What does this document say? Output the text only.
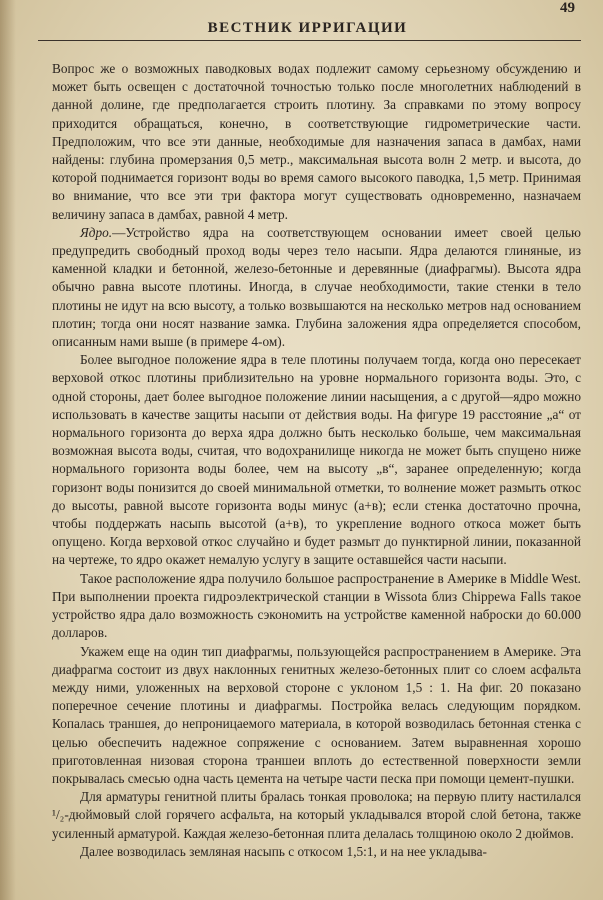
ВЕСТНИК ИРРИГАЦИИ
49

Вопрос же о возможных паводковых водах подлежит самому серьезному обсуждению и может быть освещен с достаточной точностью только после многолетних наблюдений в данной долине, где предполагается строить плотину. За справками по этому вопросу приходится обращаться, конечно, в соответствующие гидрометрические части. Предположим, что все эти данные, необходимые для назначения запаса в дамбах, нами найдены: глубина промерзания 0,5 метр., максимальная высота волн 2 метр. и высота, до которой поднимается горизонт воды во время самого высокого паводка, 1,5 метр. Принимая во внимание, что все эти три фактора могут существовать одновременно, назначаем величину запаса в дамбах, равной 4 метр.

Ядро.—Устройство ядра на соответствующем основании имеет своей целью предупредить свободный проход воды через тело насыпи. Ядра делаются глиняные, из каменной кладки и бетонной, железо-бетонные и деревянные (диафрагмы). Высота ядра обычно равна высоте плотины. Иногда, в случае необходимости, такие стенки в тело плотины не идут на всю высоту, а только возвышаются на несколько метров над основанием плотин; тогда они носят название замка. Глубина заложения ядра определяется способом, описанным нами выше (в примере 4-ом).

Более выгодное положение ядра в теле плотины получаем тогда, когда оно пересекает верховой откос плотины приблизительно на уровне нормального горизонта воды. Это, с одной стороны, дает более выгодное положение линии насыщения, а с другой—ядро можно использовать в качестве защиты насыпи от действия воды. На фигуре 19 расстояние „а“ от нормального горизонта до верха ядра должно быть несколько больше, чем максимальная возможная высота воды, считая, что водохранилище никогда не может быть спущено ниже нормального горизонта воды более, чем на высоту „в“, заранее определенную; когда горизонт воды понизится до своей минимальной отметки, то волнение может размыть откос до высоты, равной высоте горизонта воды минус (а+в); если стенка достаточно прочна, чтобы поддержать насыпь высотой (а+в), то укрепление водного откоса может быть опущено. Когда верховой откос случайно и будет размыт до пунктирной линии, показанной на чертеже, то ядро окажет немалую услугу в защите оставшейся части насыпи.

Такое расположение ядра получило большое распространение в Америке в Middle West. При выполнении проекта гидроэлектрической станции в Wissota близ Chippewa Falls такое устройство ядра дало возможность сэкономить на устройстве каменной наброски до 60.000 долларов.

Укажем еще на один тип диафрагмы, пользующейся распространением в Америке. Эта диафрагма состоит из двух наклонных генитных железо-бетонных плит со слоем асфальта между ними, уложенных на верховой стороне с уклоном 1,5 : 1. На фиг. 20 показано поперечное сечение плотины и диафрагмы. Постройка велась следующим порядком. Копалась траншея, до непроницаемого материала, в которой возводилась бетонная стенка с целью обеспечить надежное сопряжение с основанием. Затем выравненная хорошо приготовленная низовая сторона траншеи вплоть до естественной поверхности земли покрывалась смесью одна часть цемента на четыре части песка при помощи цемент-пушки.

Для арматуры генитной плиты бралась тонкая проволока; на первую плиту настилался ¹/₂-дюймовый слой горячего асфальта, на который укладывался второй слой бетона, также усиленный арматурой. Каждая железо-бетонная плита делалась толщиною около 2 дюймов.

Далее возводилась земляная насыпь с откосом 1,5:1, и на нее укладыва-
